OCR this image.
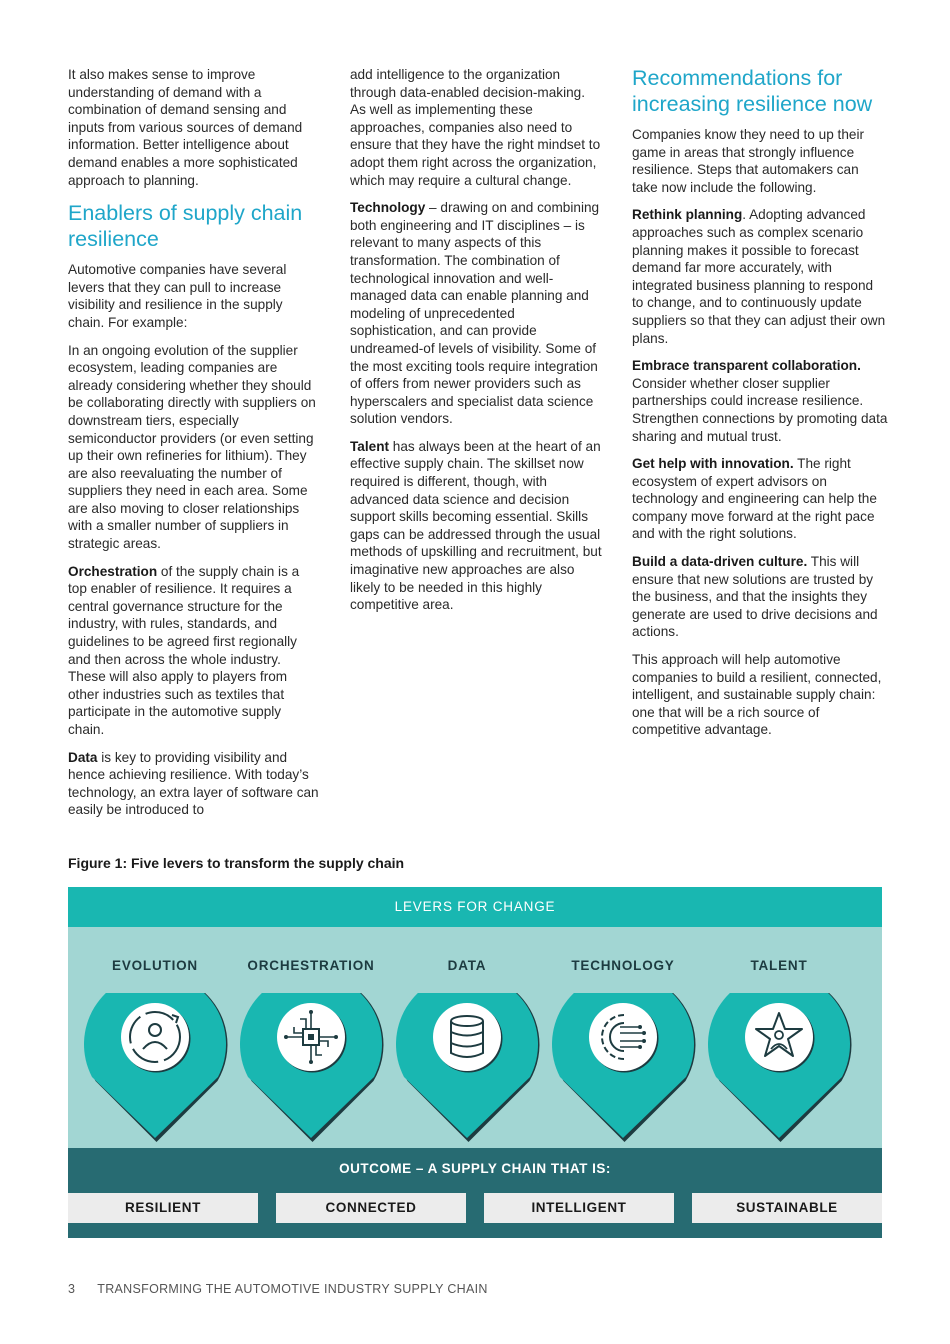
It also makes sense to improve understanding of demand with a combination of demand sensing and inputs from various sources of demand information. Better intelligence about demand enables a more sophisticated approach to planning.

Enablers of supply chain resilience

Automotive companies have several levers that they can pull to increase visibility and resilience in the supply chain. For example:

In an ongoing evolution of the supplier ecosystem, leading companies are already considering whether they should be collaborating directly with suppliers on downstream tiers, especially semiconductor providers (or even setting up their own refineries for lithium). They are also reevaluating the number of suppliers they need in each area. Some are also moving to closer relationships with a smaller number of suppliers in strategic areas.

Orchestration of the supply chain is a top enabler of resilience. It requires a central governance structure for the industry, with rules, standards, and guidelines to be agreed first regionally and then across the whole industry. These will also apply to players from other industries such as textiles that participate in the automotive supply chain.

Data is key to providing visibility and hence achieving resilience. With today’s technology, an extra layer of software can easily be introduced to

add intelligence to the organization through data-enabled decision-making. As well as implementing these approaches, companies also need to ensure that they have the right mindset to adopt them right across the organization, which may require a cultural change.

Technology – drawing on and combining both engineering and IT disciplines – is relevant to many aspects of this transformation. The combination of technological innovation and well-managed data can enable planning and modeling of unprecedented sophistication, and can provide undreamed-of levels of visibility. Some of the most exciting tools require integration of offers from newer providers such as hyperscalers and specialist data science solution vendors.

Talent has always been at the heart of an effective supply chain. The skillset now required is different, though, with advanced data science and decision support skills becoming essential. Skills gaps can be addressed through the usual methods of upskilling and recruitment, but imaginative new approaches are also likely to be needed in this highly competitive area.

Recommendations for increasing resilience now

Companies know they need to up their game in areas that strongly influence resilience. Steps that automakers can take now include the following.

Rethink planning. Adopting advanced approaches such as complex scenario planning makes it possible to forecast demand far more accurately, with integrated business planning to respond to change, and to continuously update suppliers so that they can adjust their own plans.

Embrace transparent collaboration. Consider whether closer supplier partnerships could increase resilience. Strengthen connections by promoting data sharing and mutual trust.

Get help with innovation. The right ecosystem of expert advisors on technology and engineering can help the company move forward at the right pace and with the right solutions.

Build a data-driven culture. This will ensure that new solutions are trusted by the business, and that the insights they generate are used to drive decisions and actions.

This approach will help automotive companies to build a resilient, connected, intelligent, and sustainable supply chain: one that will be a rich source of competitive advantage.

Figure 1: Five levers to transform the supply chain
LEVERS FOR CHANGE
EVOLUTION	ORCHESTRATION	DATA	TECHNOLOGY	TALENT
OUTCOME – A SUPPLY CHAIN THAT IS:
RESILIENT	CONNECTED	INTELLIGENT	SUSTAINABLE
3 TRANSFORMING THE AUTOMOTIVE INDUSTRY SUPPLY CHAIN
